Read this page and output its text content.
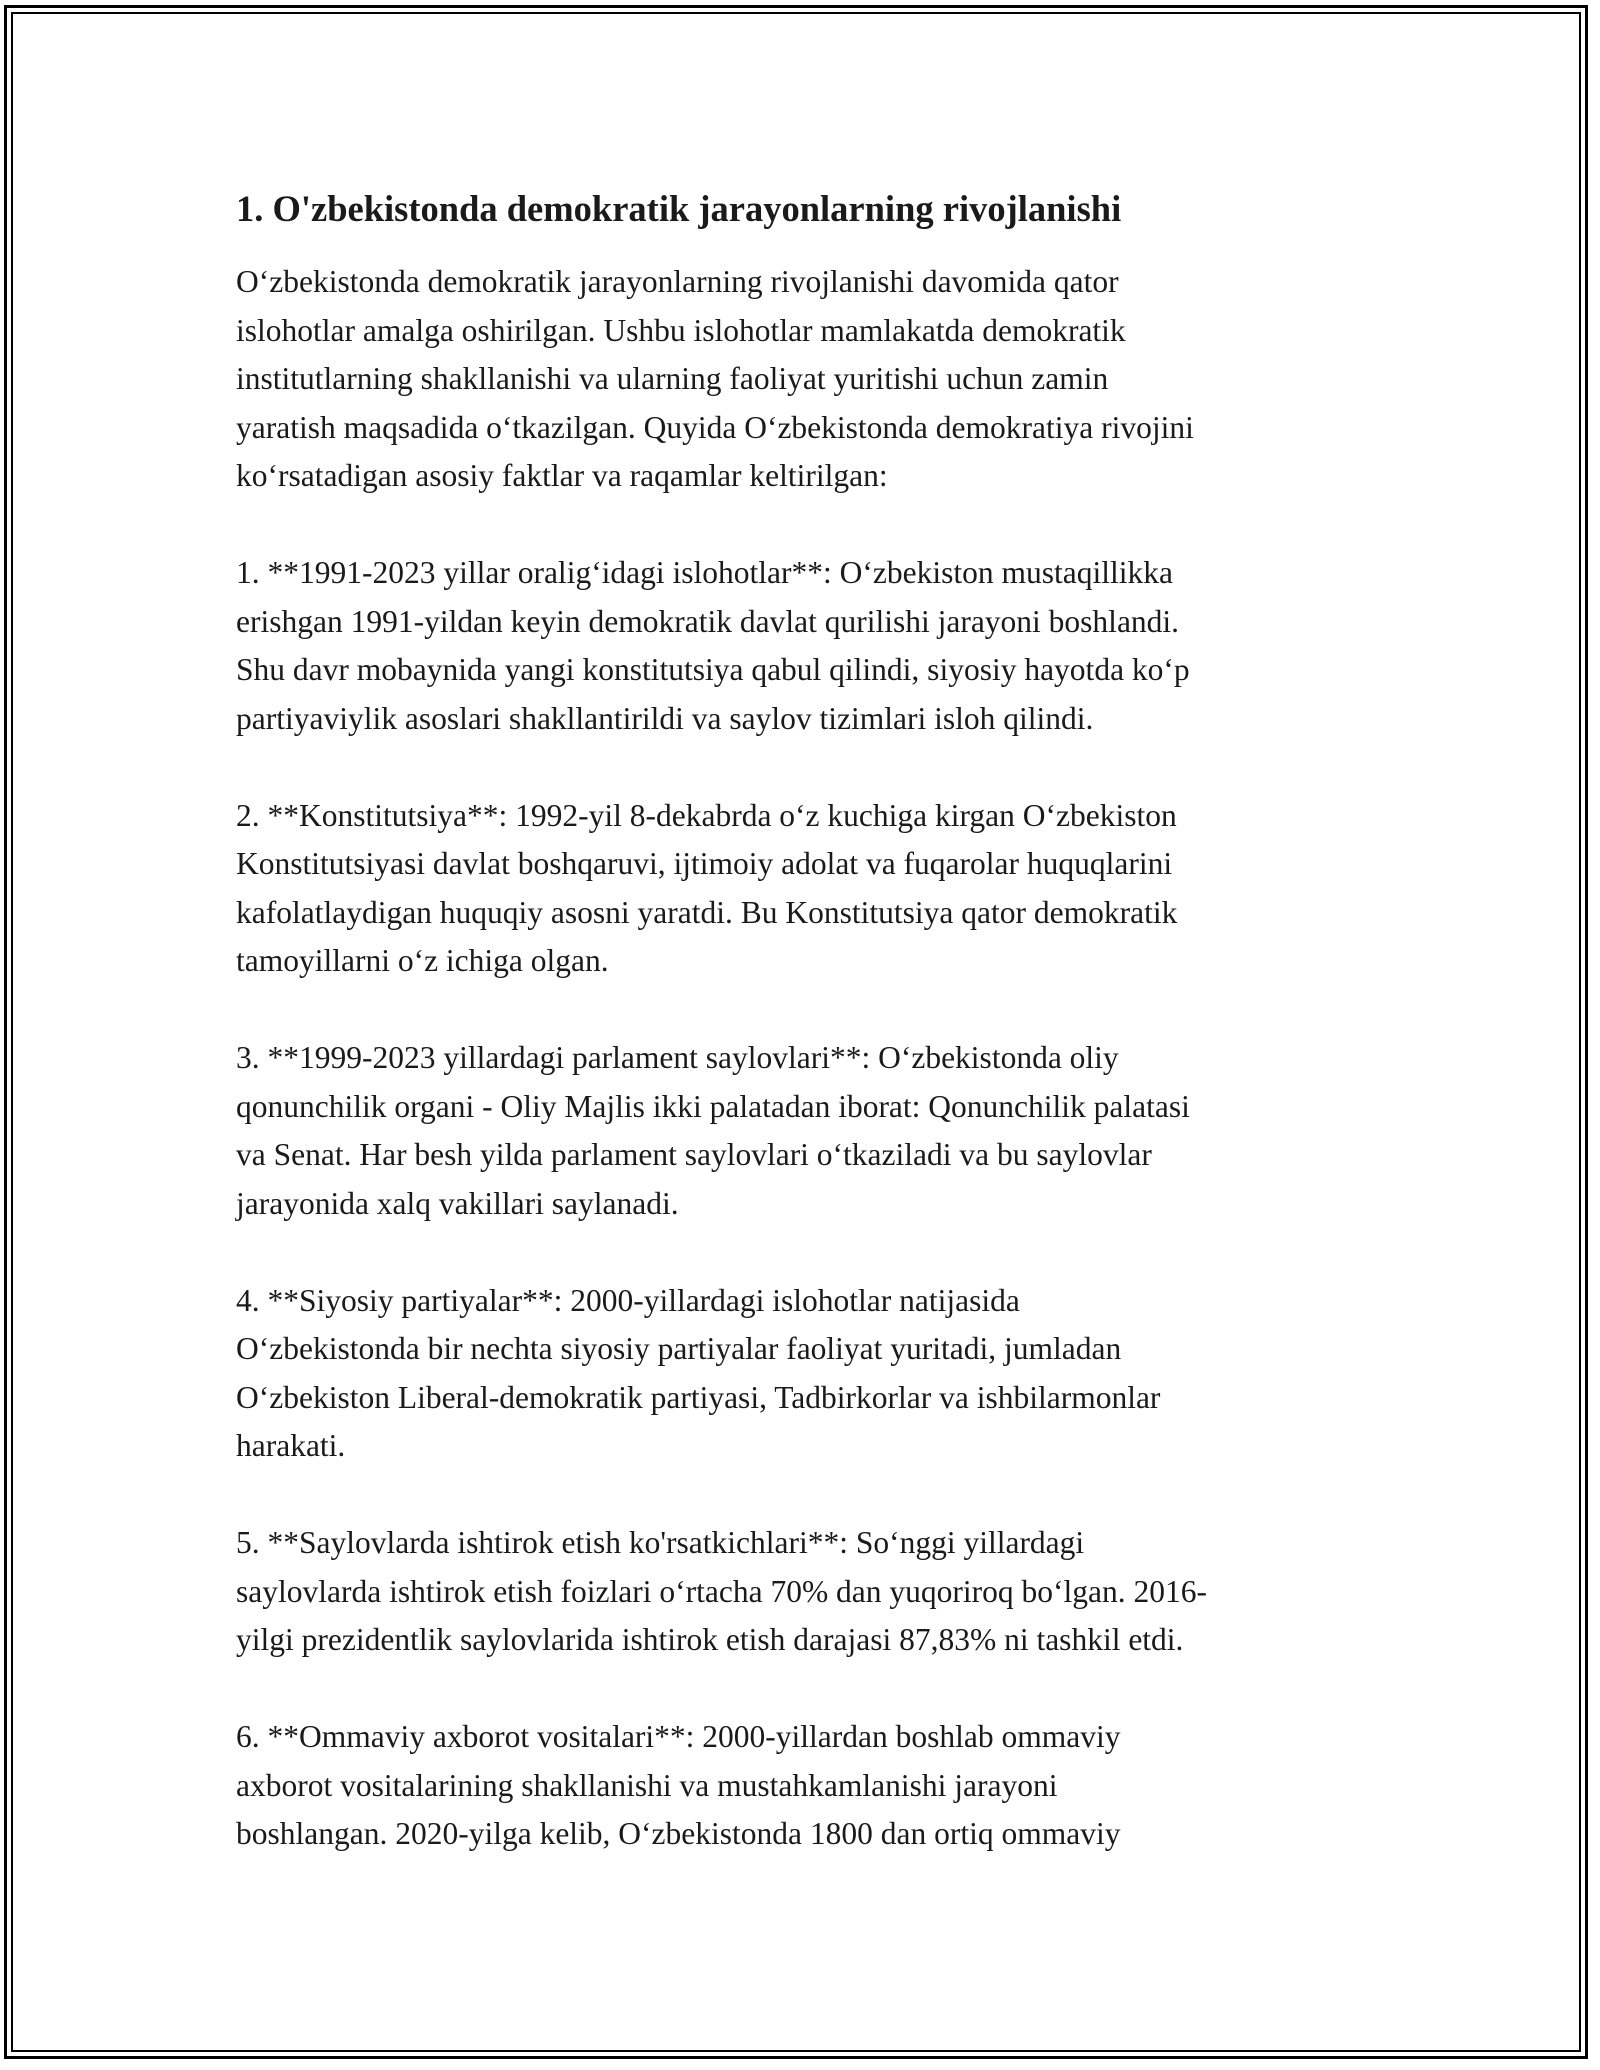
1. O'zbekistonda demokratik jarayonlarning rivojlanishi

O‘zbekistonda demokratik jarayonlarning rivojlanishi davomida qator
islohotlar amalga oshirilgan. Ushbu islohotlar mamlakatda demokratik
institutlarning shakllanishi va ularning faoliyat yuritishi uchun zamin
yaratish maqsadida o‘tkazilgan. Quyida O‘zbekistonda demokratiya rivojini
ko‘rsatadigan asosiy faktlar va raqamlar keltirilgan:

1. **1991-2023 yillar oralig‘idagi islohotlar**: O‘zbekiston mustaqillikka
erishgan 1991-yildan keyin demokratik davlat qurilishi jarayoni boshlandi.
Shu davr mobaynida yangi konstitutsiya qabul qilindi, siyosiy hayotda ko‘p
partiyaviylik asoslari shakllantirildi va saylov tizimlari isloh qilindi.

2. **Konstitutsiya**: 1992-yil 8-dekabrda o‘z kuchiga kirgan O‘zbekiston
Konstitutsiyasi davlat boshqaruvi, ijtimoiy adolat va fuqarolar huquqlarini
kafolatlaydigan huquqiy asosni yaratdi. Bu Konstitutsiya qator demokratik
tamoyillarni o‘z ichiga olgan.

3. **1999-2023 yillardagi parlament saylovlari**: O‘zbekistonda oliy
qonunchilik organi - Oliy Majlis ikki palatadan iborat: Qonunchilik palatasi
va Senat. Har besh yilda parlament saylovlari o‘tkaziladi va bu saylovlar
jarayonida xalq vakillari saylanadi.

4. **Siyosiy partiyalar**: 2000-yillardagi islohotlar natijasida
O‘zbekistonda bir nechta siyosiy partiyalar faoliyat yuritadi, jumladan
O‘zbekiston Liberal-demokratik partiyasi, Tadbirkorlar va ishbilarmonlar
harakati.

5. **Saylovlarda ishtirok etish ko'rsatkichlari**: So‘nggi yillardagi
saylovlarda ishtirok etish foizlari o‘rtacha 70% dan yuqoriroq bo‘lgan. 2016-
yilgi prezidentlik saylovlarida ishtirok etish darajasi 87,83% ni tashkil etdi.

6. **Ommaviy axborot vositalari**: 2000-yillardan boshlab ommaviy
axborot vositalarining shakllanishi va mustahkamlanishi jarayoni
boshlangan. 2020-yilga kelib, O‘zbekistonda 1800 dan ortiq ommaviy
